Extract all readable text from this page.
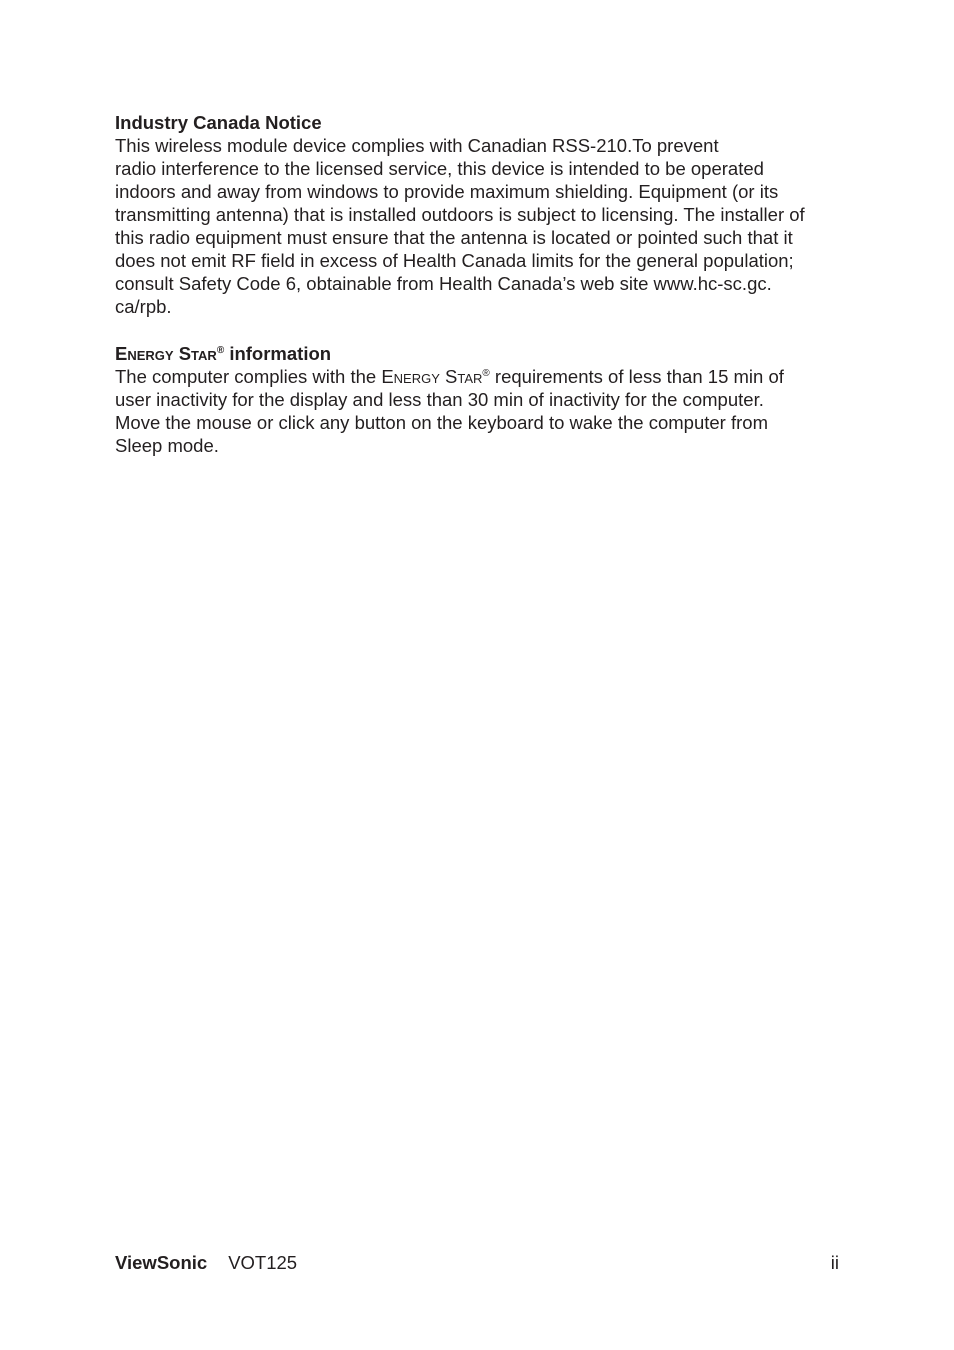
Industry Canada Notice

This wireless module device complies with Canadian RSS-210.To prevent
radio interference to the licensed service, this device is intended to be operated
indoors and away from windows to provide maximum shielding. Equipment (or its
transmitting antenna) that is installed outdoors is subject to licensing. The installer of
this radio equipment must ensure that the antenna is located or pointed such that it
does not emit RF field in excess of Health Canada limits for the general population;
consult Safety Code 6, obtainable from Health Canada’s web site www.hc-sc.gc.
ca/rpb.

Energy Star® information

The computer complies with the Energy Star® requirements of less than 15 min of
user inactivity for the display and less than 30 min of inactivity for the computer.
Move the mouse or click any button on the keyboard to wake the computer from
Sleep mode.

ViewSonic VOT125	ii
